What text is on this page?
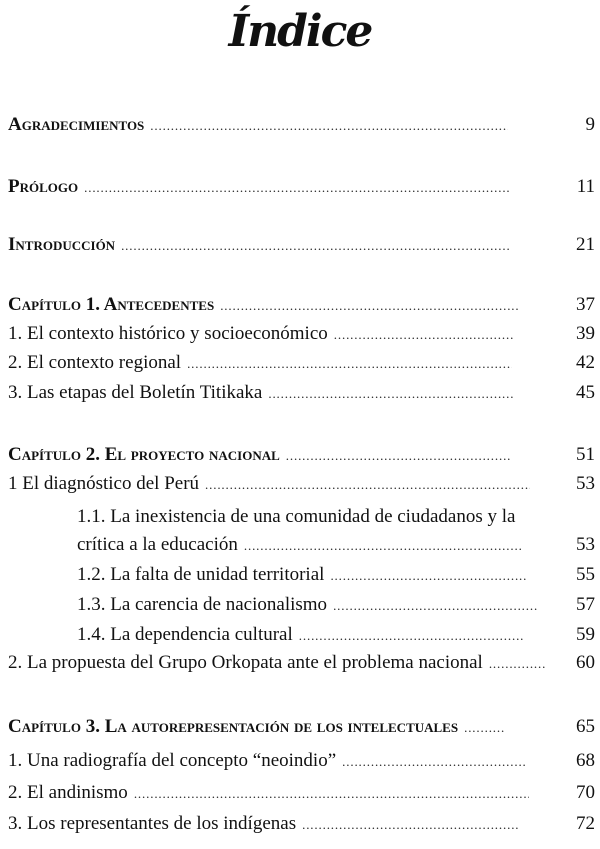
Índice
Agradecimientos . . .	9
Prólogo . . .	11
Introducción . . .	21
Capítulo 1. Antecedentes . . .	37
1. El contexto histórico y socioeconómico . . .	39
2. El contexto regional . . .	42
3. Las etapas del Boletín Titikaka . . .	45
Capítulo 2. El proyecto nacional . . .	51
1 El diagnóstico del Perú . . .	53
1.1. La inexistencia de una comunidad de ciudadanos y la
crítica a la educación . . .	53
1.2. La falta de unidad territorial . . .	55
1.3. La carencia de nacionalismo . . .	57
1.4. La dependencia cultural . . .	59
2. La propuesta del Grupo Orkopata ante el problema nacional . . .	60
Capítulo 3. La autorepresentación de los intelectuales . . .	65
1. Una radiografía del concepto “neoindio” . . .	68
2. El andinismo . . .	70
3. Los representantes de los indígenas . . .	72
